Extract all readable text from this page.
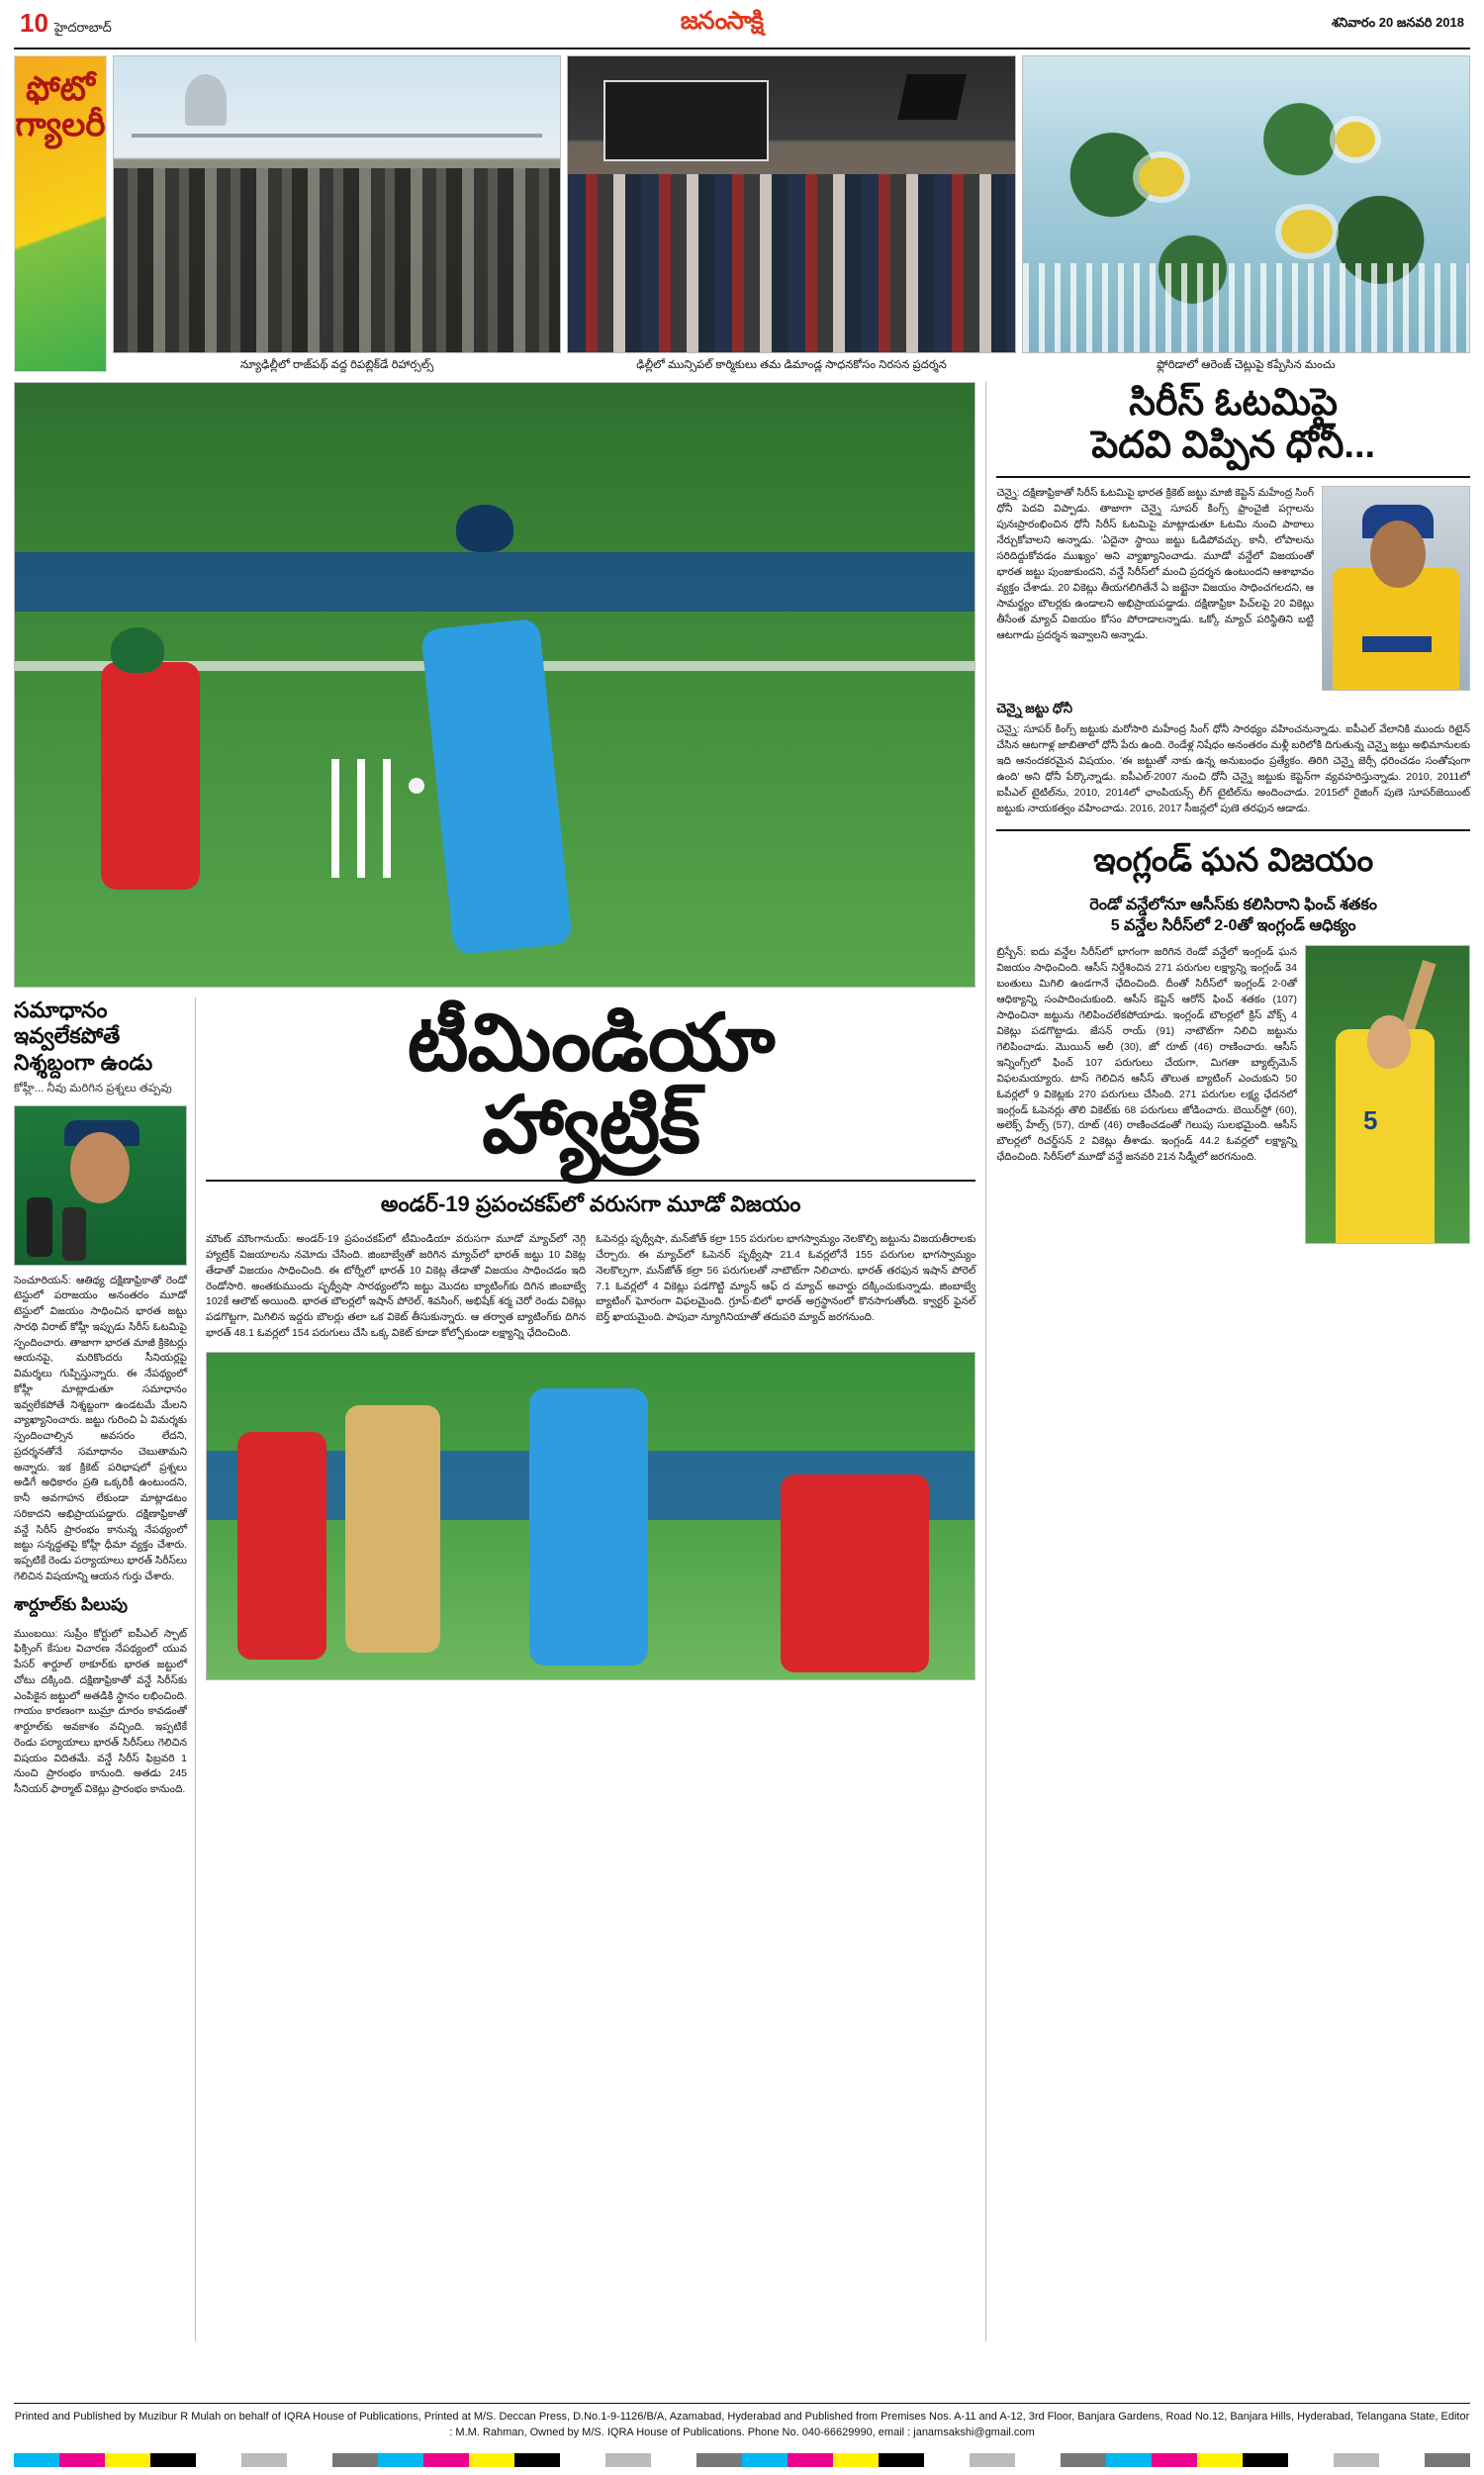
10 హైదరాబాద్	జనంసాక్షి	శనివారం 20 జనవరి 2018
ఫోటో గ్యాలరీ
న్యూఢిల్లీలో రాజ్‌పథ్ వద్ద రిపబ్లిక్‌డే రిహార్సల్స్	ఢిల్లీలో మున్సిపల్ కార్మికులు తమ డిమాండ్ల సాధనకోసం నిరసన ప్రదర్శన	ఫ్లోరిడాలో ఆరెంజ్ చెట్లుపై కప్పేసిన మంచు
సమాధానం ఇవ్వలేకపోతే నిశ్శబ్దంగా ఉండు
కోహ్లీ... నీవు మరిగిన ప్రశ్నలు తప్పవు
సెంచూరియన్: ఆతిథ్య దక్షిణాఫ్రికాతో రెండో టెస్టులో పరాజయం అనంతరం మూడో టెస్టులో విజయం సాధించిన భారత జట్టు సారథి విరాట్ కోహ్లీ ఇప్పుడు సిరీస్ ఓటమిపై స్పందించారు. తాజాగా భారత మాజీ క్రికెటర్లు ఆయనపై, మరికొందరు సీనియర్లపై విమర్శలు గుప్పిస్తున్నారు. ఈ నేపథ్యంలో కోహ్లీ మాట్లాడుతూ సమాధానం ఇవ్వలేకపోతే నిశ్శబ్దంగా ఉండటమే మేలని వ్యాఖ్యానించారు. జట్టు గురించి ఏ విమర్శకు స్పందించాల్సిన అవసరం లేదని, ప్రదర్శనతోనే సమాధానం చెబుతామని అన్నారు. ఇక క్రికెట్ పరిభాషలో ప్రశ్నలు అడిగే అధికారం ప్రతి ఒక్కరికీ ఉంటుందని, కానీ అవగాహన లేకుండా మాట్లాడటం సరికాదని అభిప్రాయపడ్డారు. దక్షిణాఫ్రికాతో వన్డే సిరీస్ ప్రారంభం కానున్న నేపథ్యంలో జట్టు సన్నద్ధతపై కోహ్లీ ధీమా వ్యక్తం చేశారు. ఇప్పటికే రెండు పర్యాయాలు భారత్ సిరీస్‌లు గెలిచిన విషయాన్ని ఆయన గుర్తు చేశారు.
శార్దూల్‌కు పిలుపు
ముంబయి: సుప్రీం కోర్టులో ఐపీఎల్ స్పాట్ ఫిక్సింగ్ కేసుల విచారణ నేపథ్యంలో యువ పేసర్ శార్దూల్ ఠాకూర్‌కు భారత జట్టులో చోటు దక్కింది. దక్షిణాఫ్రికాతో వన్డే సిరీస్‌కు ఎంపికైన జట్టులో అతడికి స్థానం లభించింది. గాయం కారణంగా బుమ్రా దూరం కావడంతో శార్దూల్‌కు అవకాశం వచ్చింది. ఇప్పటికే రెండు పర్యాయాలు భారత్ సిరీస్‌లు గెలిచిన విషయం విదితమే. వన్డే సిరీస్ ఫిబ్రవరి 1 నుంచి ప్రారంభం కానుంది. అతడు 245 సీనియర్ ఫార్మాట్ వికెట్లు ప్రారంభం కానుంది.
టీమిండియా
హ్యాట్రిక్
అండర్-19 ప్రపంచకప్‌లో వరుసగా మూడో విజయం
మౌంట్ మౌంగానుయ్: అండర్-19 ప్రపంచకప్‌లో టీమిండియా వరుసగా మూడో మ్యాచ్‌లో నెగ్గి హ్యాట్రిక్ విజయాలను నమోదు చేసింది. జింబాబ్వేతో జరిగిన మ్యాచ్‌లో భారత్ జట్టు 10 వికెట్ల తేడాతో విజయం సాధించింది. ఈ టోర్నీలో భారత్ 10 వికెట్ల తేడాతో విజయం సాధించడం ఇది రెండోసారి. అంతకుముందు పృథ్వీషా సారథ్యంలోని జట్టు మొదట బ్యాటింగ్‌కు దిగిన జింబాబ్వే 102కే ఆలౌట్ అయింది. భారత బౌలర్లలో ఇషాన్ పోరెల్, శివసింగ్, అభిషేక్ శర్మ చెరో రెండు వికెట్లు పడగొట్టగా, మిగిలిన ఇద్దరు బౌలర్లు తలా ఒక వికెట్ తీసుకున్నారు. ఆ తర్వాత బ్యాటింగ్‌కు దిగిన భారత్ 48.1 ఓవర్లలో 154 పరుగులు చేసి ఒక్క వికెట్ కూడా కోల్పోకుండా లక్ష్యాన్ని ఛేదించింది.
ఓపెనర్లు పృథ్వీషా, మన్‌జోత్ కల్రా 155 పరుగుల భాగస్వామ్యం నెలకొల్పి జట్టును విజయతీరాలకు చేర్చారు. ఈ మ్యాచ్‌లో ఓపెనర్ పృథ్వీషా 21.4 ఓవర్లలోనే 155 పరుగుల భాగస్వామ్యం నెలకొల్పగా, మన్‌జోత్ కల్రా 56 పరుగులతో నాటౌట్‌గా నిలిచారు. భారత్ తరఫున ఇషాన్ పోరెల్ 7.1 ఓవర్లలో 4 వికెట్లు పడగొట్టి మ్యాన్ ఆఫ్ ద మ్యాచ్ అవార్డు దక్కించుకున్నాడు. జింబాబ్వే బ్యాటింగ్ ఘోరంగా విఫలమైంది. గ్రూప్-బిలో భారత్ అగ్రస్థానంలో కొనసాగుతోంది. క్వార్టర్ ఫైనల్ బెర్త్ ఖాయమైంది. పాపువా న్యూగినియాతో తదుపరి మ్యాచ్ జరగనుంది.
సిరీస్ ఓటమిపై
పెదవి విప్పిన ధోనీ...
చెన్నై: దక్షిణాఫ్రికాతో సిరీస్ ఓటమిపై భారత క్రికెట్ జట్టు మాజీ కెప్టెన్ మహేంద్ర సింగ్ ధోనీ పెదవి విప్పాడు. తాజాగా చెన్నై సూపర్ కింగ్స్ ఫ్రాంచైజీ పగ్గాలను పునఃప్రారంభించిన ధోనీ సిరీస్ ఓటమిపై మాట్లాడుతూ ఓటమి నుంచి పాఠాలు నేర్చుకోవాలని అన్నాడు. 'ఏదైనా స్థాయి జట్టు ఓడిపోవచ్చు. కానీ, లోపాలను సరిదిద్దుకోవడం ముఖ్యం' అని వ్యాఖ్యానించాడు. మూడో వన్డేలో విజయంతో భారత జట్టు పుంజుకుందని, వన్డే సిరీస్‌లో మంచి ప్రదర్శన ఉంటుందని ఆశాభావం వ్యక్తం చేశాడు. 20 వికెట్లు తీయగలిగితేనే ఏ జట్టైనా విజయం సాధించగలదని, ఆ సామర్థ్యం బౌలర్లకు ఉండాలని అభిప్రాయపడ్డాడు. దక్షిణాఫ్రికా పిచ్‌లపై 20 వికెట్లు తీసేంత మ్యాచ్ విజయం కోసం పోరాడాలన్నాడు. ఒక్కో మ్యాచ్ పరిస్థితిని బట్టి ఆటగాడు ప్రదర్శన ఇవ్వాలని అన్నాడు.
చెన్నై జట్టు ధోనీ
చెన్నై: సూపర్ కింగ్స్ జట్టుకు మరోసారి మహేంద్ర సింగ్ ధోనీ సారథ్యం వహించనున్నాడు. ఐపీఎల్ వేలానికి ముందు రిటైన్ చేసిన ఆటగాళ్ల జాబితాలో ధోనీ పేరు ఉంది. రెండేళ్ల నిషేధం అనంతరం మళ్లీ బరిలోకి దిగుతున్న చెన్నై జట్టు అభిమానులకు ఇది ఆనందకరమైన విషయం. 'ఈ జట్టుతో నాకు ఉన్న అనుబంధం ప్రత్యేకం. తిరిగి చెన్నై జెర్సీ ధరించడం సంతోషంగా ఉంది' అని ధోనీ పేర్కొన్నాడు. ఐపీఎల్-2007 నుంచి ధోనీ చెన్నై జట్టుకు కెప్టెన్‌గా వ్యవహరిస్తున్నాడు. 2010, 2011లో ఐపీఎల్ టైటిల్‌ను, 2010, 2014లో ఛాంపియన్స్ లీగ్ టైటిల్‌ను అందించాడు. 2015లో రైజింగ్ పుణె సూపర్‌జెయింట్ జట్టుకు నాయకత్వం వహించాడు. 2016, 2017 సీజన్లలో పుణె తరఫున ఆడాడు.
ఇంగ్లండ్ ఘన విజయం
రెండో వన్డేలోనూ ఆసీస్‌కు కలిసిరాని ఫించ్ శతకం
5 వన్డేల సిరీస్‌లో 2-0తో ఇంగ్లండ్ ఆధిక్యం
బ్రిస్బేన్: ఐదు వన్డేల సిరీస్‌లో భాగంగా జరిగిన రెండో వన్డేలో ఇంగ్లండ్ ఘన విజయం సాధించింది. ఆసీస్ నిర్దేశించిన 271 పరుగుల లక్ష్యాన్ని ఇంగ్లండ్ 34 బంతులు మిగిలి ఉండగానే ఛేదించింది. దీంతో సిరీస్‌లో ఇంగ్లండ్ 2-0తో ఆధిక్యాన్ని సంపాదించుకుంది. ఆసీస్ కెప్టెన్ ఆరోన్ ఫించ్ శతకం (107) సాధించినా జట్టును గెలిపించలేకపోయాడు. ఇంగ్లండ్ బౌలర్లలో క్రిస్ వోక్స్ 4 వికెట్లు పడగొట్టాడు. జేసన్ రాయ్ (91) నాటౌట్‌గా నిలిచి జట్టును గెలిపించాడు. మొయిన్ అలీ (30), జో రూట్ (46) రాణించారు. ఆసీస్ ఇన్నింగ్స్‌లో ఫించ్ 107 పరుగులు చేయగా, మిగతా బ్యాట్స్‌మెన్ విఫలమయ్యారు. టాస్ గెలిచిన ఆసీస్ తొలుత బ్యాటింగ్ ఎంచుకుని 50 ఓవర్లలో 9 వికెట్లకు 270 పరుగులు చేసింది. 271 పరుగుల లక్ష్య ఛేదనలో ఇంగ్లండ్ ఓపెనర్లు తొలి వికెట్‌కు 68 పరుగులు జోడించారు. బెయిర్‌స్టో (60), అలెక్స్ హేల్స్ (57), రూట్ (46) రాణించడంతో గెలుపు సులభమైంది. ఆసీస్ బౌలర్లలో రిచర్డ్‌సన్ 2 వికెట్లు తీశాడు. ఇంగ్లండ్ 44.2 ఓవర్లలో లక్ష్యాన్ని ఛేదించింది. సిరీస్‌లో మూడో వన్డే జనవరి 21న సిడ్నీలో జరగనుంది.
5
Printed and Published by Muzibur R Mulah on behalf of IQRA House of Publications, Printed at M/S. Deccan Press, D.No.1-9-1126/B/A, Azamabad, Hyderabad and Published from Premises Nos. A-11 and A-12, 3rd Floor, Banjara Gardens, Road No.12, Banjara Hills, Hyderabad, Telangana State, Editor : M.M. Rahman, Owned by M/S. IQRA House of Publications. Phone No. 040-66629990, email : janamsakshi@gmail.com
